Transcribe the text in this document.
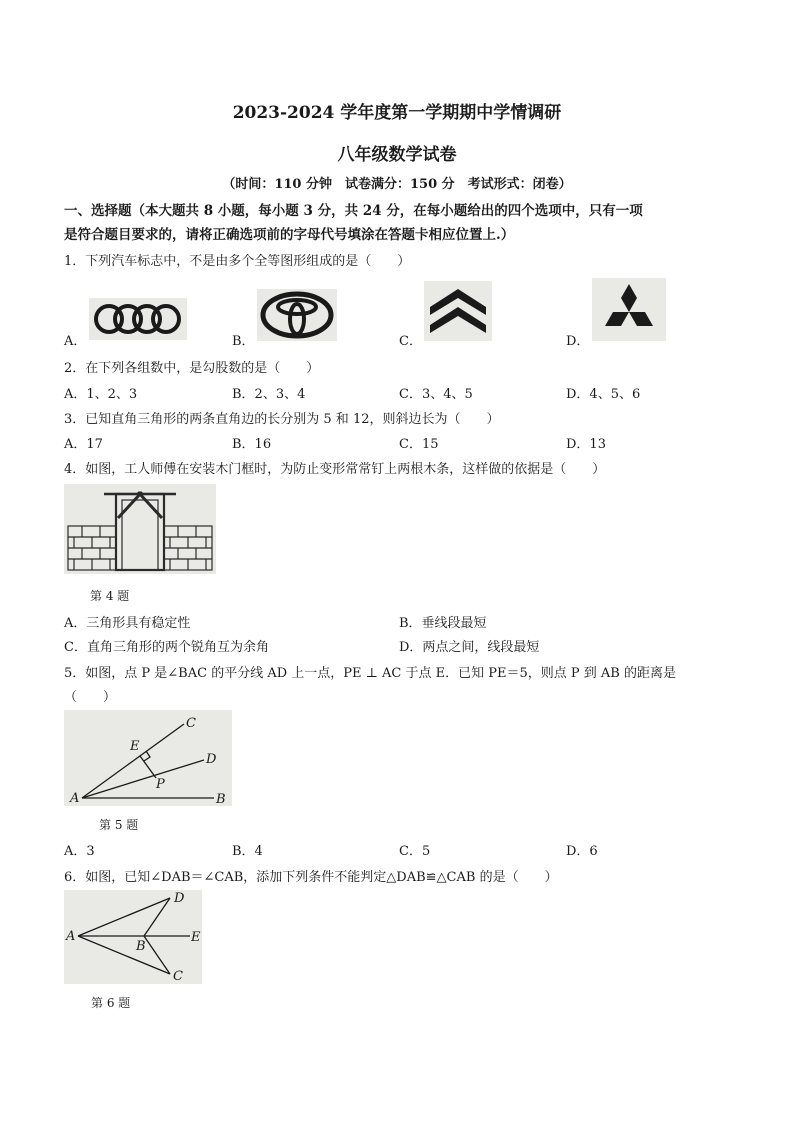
2023-2024 学年度第一学期期中学情调研
八年级数学试卷
（时间：110 分钟　试卷满分：150 分　考试形式：闭卷）
一、选择题（本大题共 8 小题，每小题 3 分，共 24 分，在每小题给出的四个选项中，只有一项
是符合题目要求的，请将正确选项前的字母代号填涂在答题卡相应位置上.）
1．下列汽车标志中，不是由多个全等图形组成的是（　　）
A．	B．	C．	D．
2．在下列各组数中，是勾股数的是（　　）
A．1、2、3	B．2、3、4	C．3、4、5	D．4、5、6
3．已知直角三角形的两条直角边的长分别为 5 和 12，则斜边长为（　　）
A．17	B．16	C．15	D．13
4．如图，工人师傅在安装木门框时，为防止变形常常钉上两根木条，这样做的依据是（　　）
第 4 题
A．三角形具有稳定性	B．垂线段最短
C．直角三角形的两个锐角互为余角	D．两点之间，线段最短
5．如图，点 P 是∠BAC 的平分线 AD 上一点，PE ⊥ AC 于点 E．已知 PE＝5，则点 P 到 AB 的距离是
（　　）
C
E
D
P
A	B
第 5 题
A．3	B．4	C．5	D．6
6．如图，已知∠DAB＝∠CAB，添加下列条件不能判定△DAB≌△CAB 的是（　　）
D
A
B
E
C
第 6 题
